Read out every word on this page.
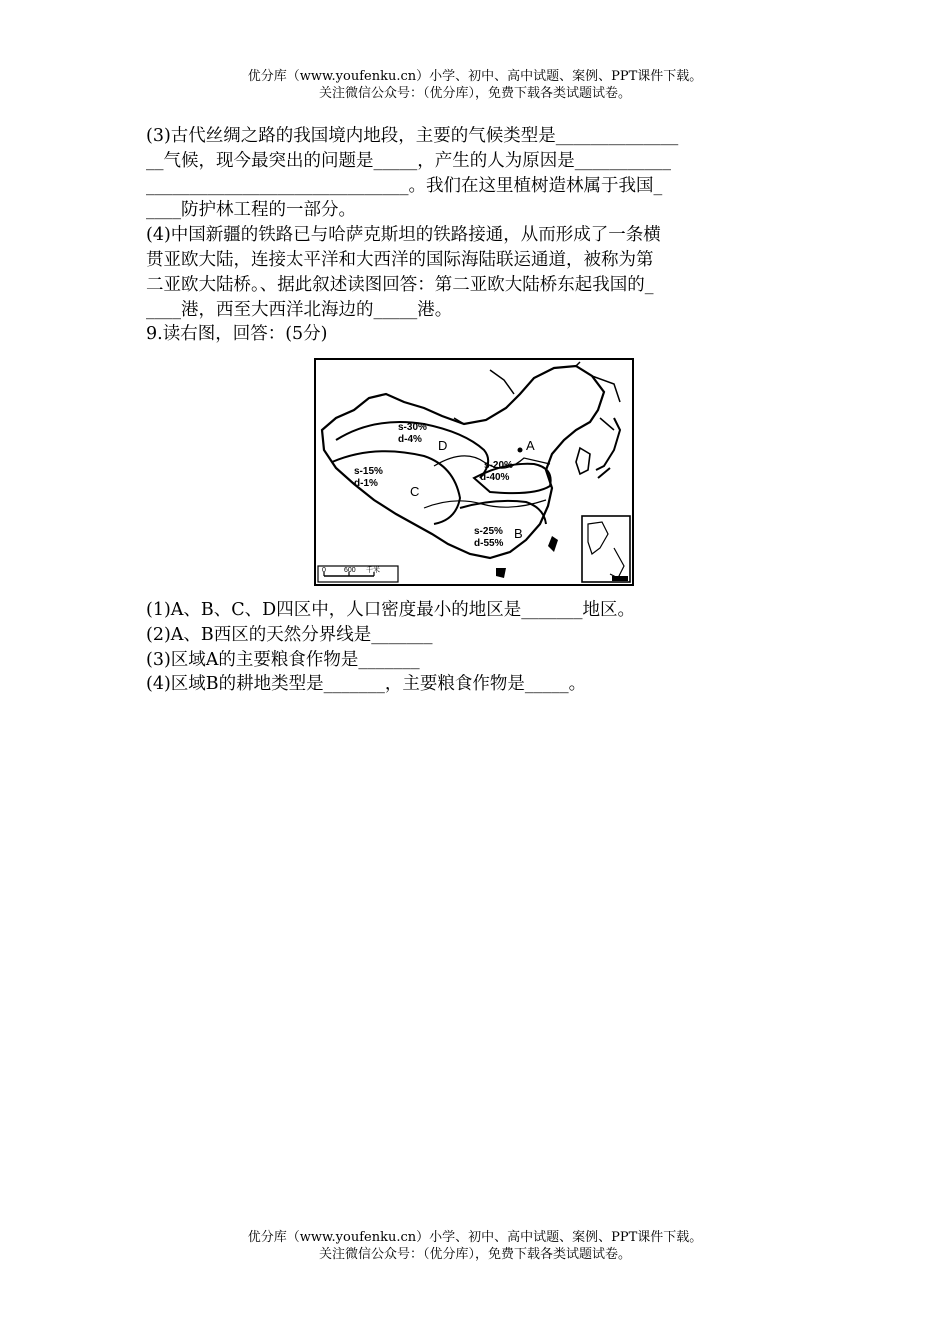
优分库（www.youfenku.cn）小学、初中、高中试题、案例、PPT课件下载。
关注微信公众号：（优分库），免费下载各类试题试卷。

(3)古代丝绸之路的我国境内地段，主要的气候类型是______________

__气候，现今最突出的问题是_____，产生的人为原因是___________

______________________________。我们在这里植树造林属于我国_

____防护林工程的一部分。

(4)中国新疆的铁路已与哈萨克斯坦的铁路接通，从而形成了一条横

贯亚欧大陆，连接太平洋和大西洋的国际海陆联运通道，被称为第

二亚欧大陆桥。、据此叙述读图回答：第二亚欧大陆桥东起我国的_

____港，西至大西洋北海边的_____港。

9.读右图，回答：(5分)

s-30%
d-4% D	A
s-20%
d-40%
s-15%
d-1%
C
s-25%
d-55%
B
0	600 千米

(1)A、B、C、D四区中，人口密度最小的地区是_______地区。

(2)A、B西区的天然分界线是_______

(3)区域A的主要粮食作物是_______

(4)区域B的耕地类型是_______，主要粮食作物是_____。

优分库（www.youfenku.cn）小学、初中、高中试题、案例、PPT课件下载。
关注微信公众号：（优分库），免费下载各类试题试卷。
